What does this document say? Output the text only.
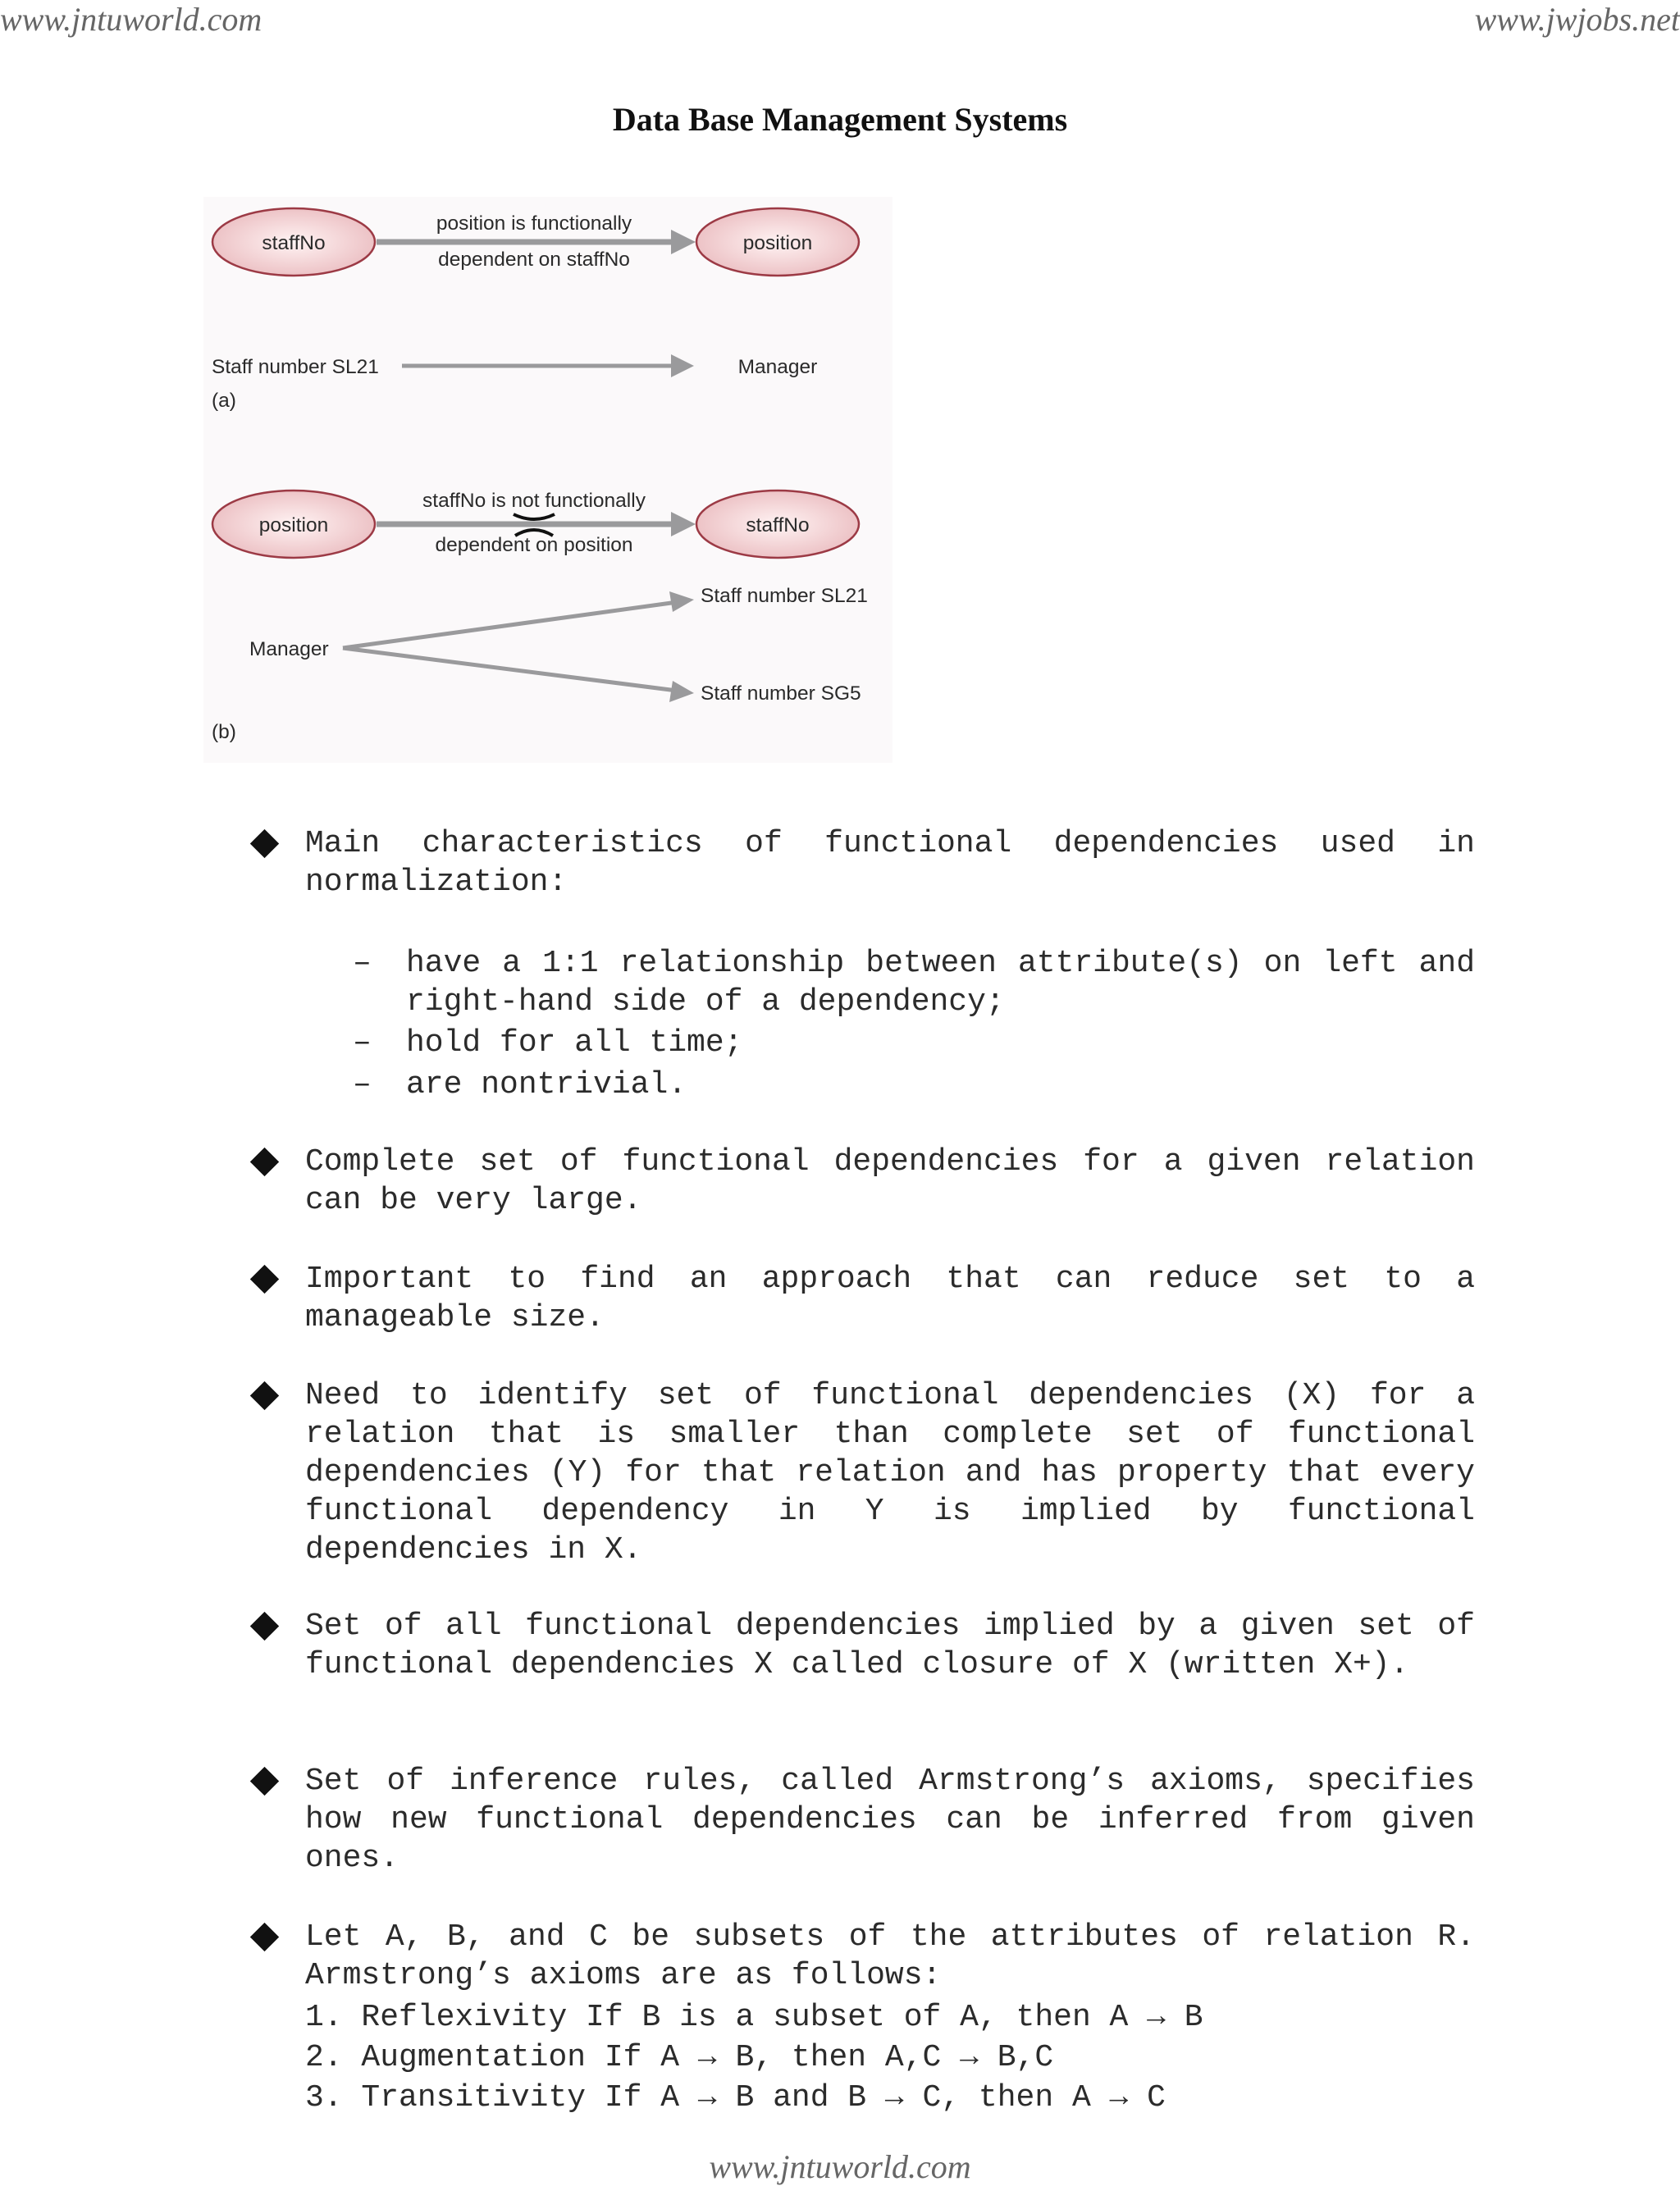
www.jntuworld.com	www.jwjobs.net
Data Base Management Systems
staffNo	position
position is functionally
dependent on staffNo
Staff number SL21	Manager
(a)
position	staffNo
staffNo is not functionally
dependent on position
Manager
Staff number SL21
Staff number SG5
(b)
Main characteristics of functional dependencies used in normalization:
– have a 1:1 relationship between attribute(s) on left and right-hand side of a dependency;
– hold for all time;
– are nontrivial.
Complete set of functional dependencies for a given relation can be very large.
Important to find an approach that can reduce set to a manageable size.
Need to identify set of functional dependencies (X) for a relation that is smaller than complete set of functional dependencies (Y) for that relation and has property that every functional dependency in Y is implied by functional dependencies in X.
Set of all functional dependencies implied by a given set of functional dependencies X called closure of X (written X+).
Set of inference rules, called Armstrong’s axioms, specifies how new functional dependencies can be inferred from given ones.
Let A, B, and C be subsets of the attributes of relation R. Armstrong’s axioms are as follows:
1. Reflexivity If B is a subset of A, then A → B
2. Augmentation If A → B, then A,C → B,C
3. Transitivity If A → B and B → C, then A → C
www.jntuworld.com
